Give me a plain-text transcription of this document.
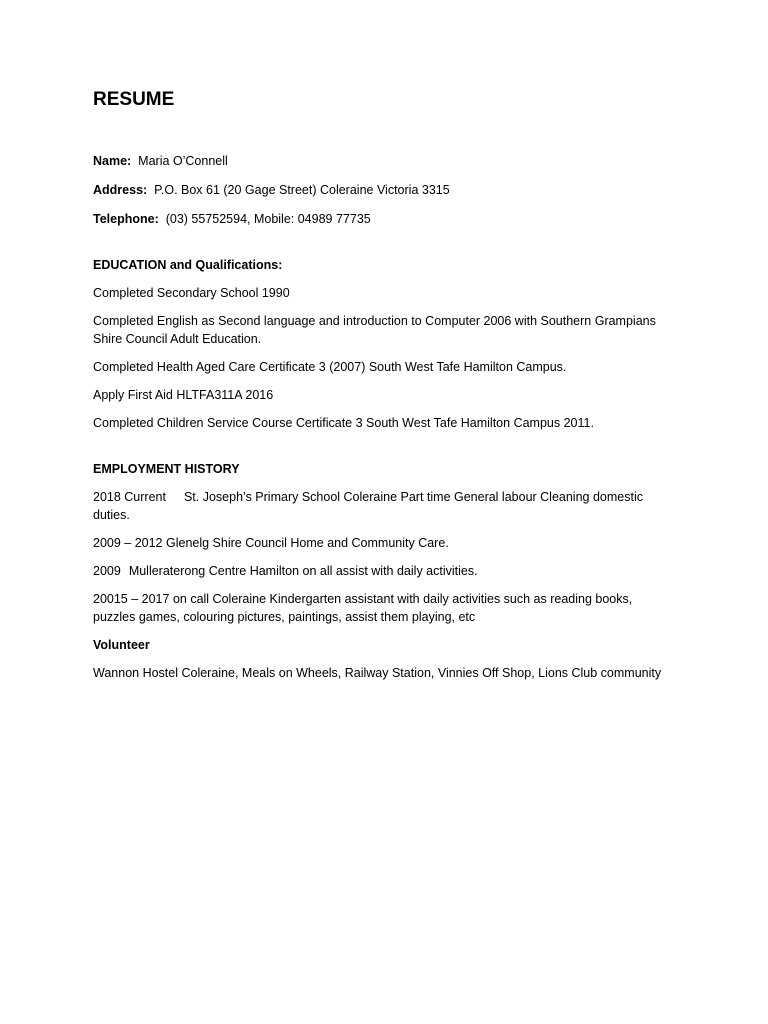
RESUME
Name: Maria O’Connell
Address: P.O. Box 61 (20 Gage Street) Coleraine Victoria 3315
Telephone: (03) 55752594, Mobile: 04989 77735
EDUCATION and Qualifications:
Completed Secondary School 1990
Completed English as Second language and introduction to Computer 2006 with Southern Grampians Shire Council Adult Education.
Completed Health Aged Care Certificate 3 (2007) South West Tafe Hamilton Campus.
Apply First Aid HLTFA311A 2016
Completed Children Service Course Certificate 3 South West Tafe Hamilton Campus 2011.
EMPLOYMENT HISTORY
2018 Current St. Joseph’s Primary School Coleraine Part time General labour Cleaning domestic duties.
2009 – 2012 Glenelg Shire Council Home and Community Care.
2009 Mulleraterong Centre Hamilton on all assist with daily activities.
20015 – 2017 on call Coleraine Kindergarten assistant with daily activities such as reading books, puzzles games, colouring pictures, paintings, assist them playing, etc
Volunteer
Wannon Hostel Coleraine, Meals on Wheels, Railway Station, Vinnies Off Shop, Lions Club community
